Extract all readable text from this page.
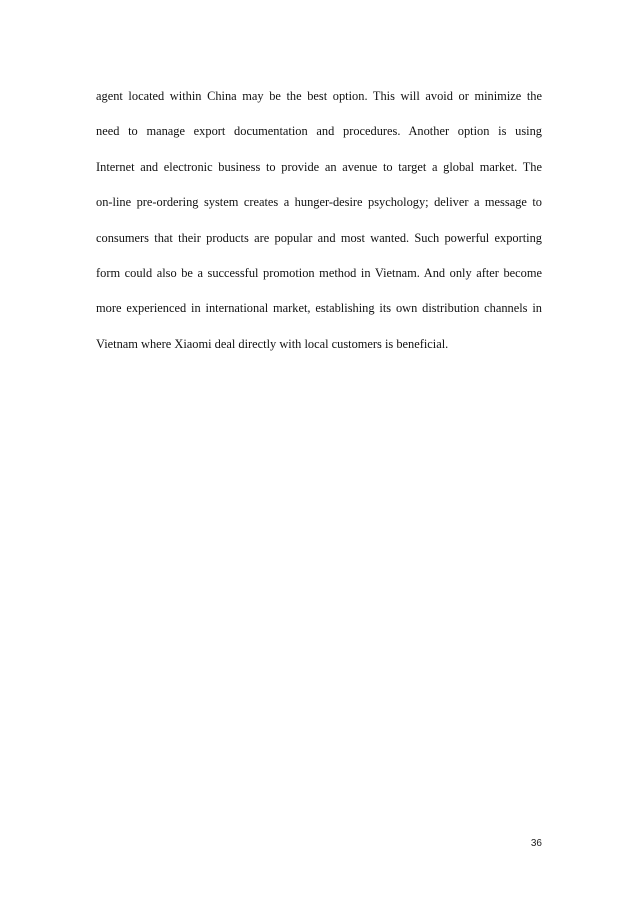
agent located within China may be the best option. This will avoid or minimize the
need to manage export documentation and procedures. Another option is using
Internet and electronic business to provide an avenue to target a global market. The
on-line pre-ordering system creates a hunger-desire psychology; deliver a message to
consumers that their products are popular and most wanted. Such powerful exporting
form could also be a successful promotion method in Vietnam. And only after become
more experienced in international market, establishing its own distribution channels in
Vietnam where Xiaomi deal directly with local customers is beneficial.
36
